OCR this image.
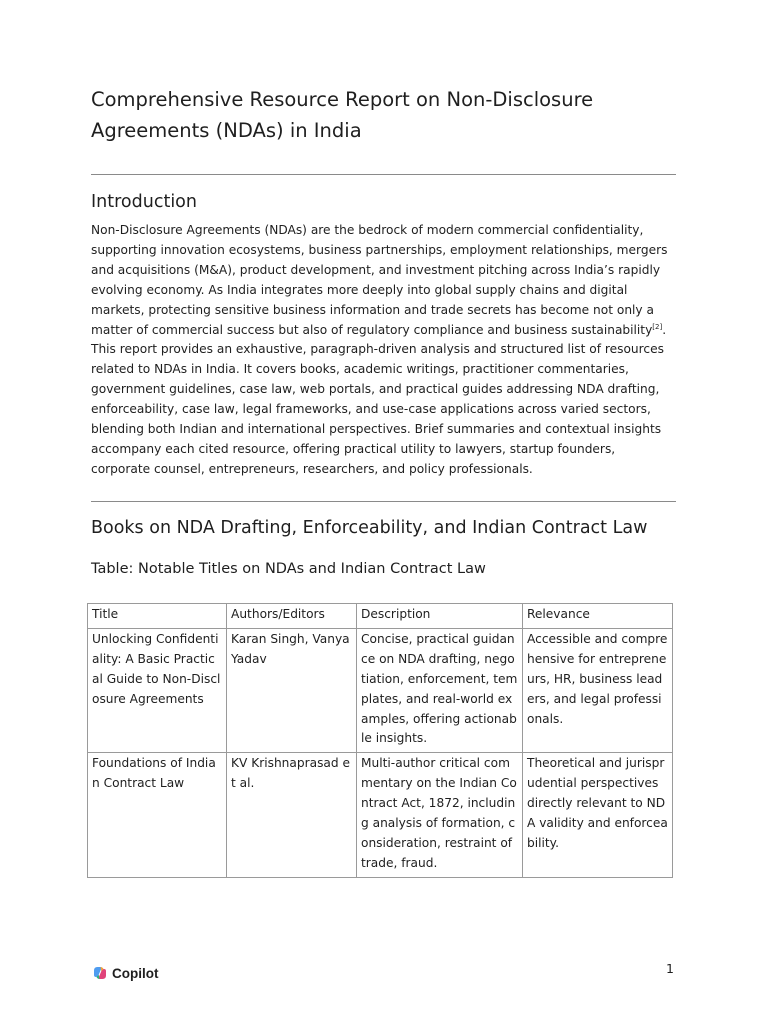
Comprehensive Resource Report on Non-Disclosure Agreements (NDAs) in India
Introduction

Non-Disclosure Agreements (NDAs) are the bedrock of modern commercial confidentiality, supporting innovation ecosystems, business partnerships, employment relationships, mergers and acquisitions (M&A), product development, and investment pitching across India’s rapidly evolving economy. As India integrates more deeply into global supply chains and digital markets, protecting sensitive business information and trade secrets has become not only a matter of commercial success but also of regulatory compliance and business sustainability[2]. This report provides an exhaustive, paragraph-driven analysis and structured list of resources related to NDAs in India. It covers books, academic writings, practitioner commentaries, government guidelines, case law, web portals, and practical guides addressing NDA drafting, enforceability, case law, legal frameworks, and use-case applications across varied sectors, blending both Indian and international perspectives. Brief summaries and contextual insights accompany each cited resource, offering practical utility to lawyers, startup founders, corporate counsel, entrepreneurs, researchers, and policy professionals.

Books on NDA Drafting, Enforceability, and Indian Contract Law
Table: Notable Titles on NDAs and Indian Contract Law
Title	Authors/Editors	Description	Relevance
Unlocking Confidentiality: A Basic Practical Guide to Non-Disclosure Agreements	Karan Singh, Vanya Yadav	Concise, practical guidance on NDA drafting, negotiation, enforcement, templates, and real-world examples, offering actionable insights.	Accessible and comprehensive for entrepreneurs, HR, business leaders, and legal professionals.
Foundations of Indian Contract Law	KV Krishnaprasad et al.	Multi-author critical commentary on the Indian Contract Act, 1872, including analysis of formation, consideration, restraint of trade, fraud.	Theoretical and jurisprudential perspectives directly relevant to NDA validity and enforceability.
Copilot	1
